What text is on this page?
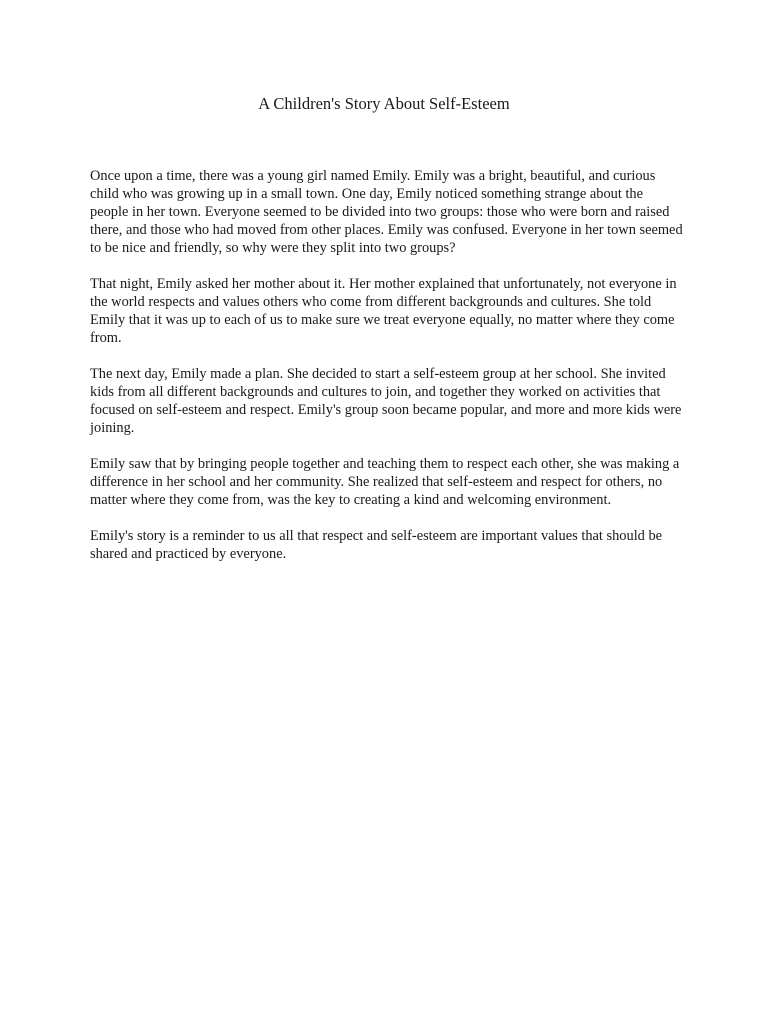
A Children's Story About Self-Esteem

Once upon a time, there was a young girl named Emily. Emily was a bright, beautiful, and curious child who was growing up in a small town. One day, Emily noticed something strange about the people in her town. Everyone seemed to be divided into two groups: those who were born and raised there, and those who had moved from other places. Emily was confused. Everyone in her town seemed to be nice and friendly, so why were they split into two groups?

That night, Emily asked her mother about it. Her mother explained that unfortunately, not everyone in the world respects and values others who come from different backgrounds and cultures. She told Emily that it was up to each of us to make sure we treat everyone equally, no matter where they come from.

The next day, Emily made a plan. She decided to start a self-esteem group at her school. She invited kids from all different backgrounds and cultures to join, and together they worked on activities that focused on self-esteem and respect. Emily's group soon became popular, and more and more kids were joining.

Emily saw that by bringing people together and teaching them to respect each other, she was making a difference in her school and her community. She realized that self-esteem and respect for others, no matter where they come from, was the key to creating a kind and welcoming environment.

Emily's story is a reminder to us all that respect and self-esteem are important values that should be shared and practiced by everyone.
